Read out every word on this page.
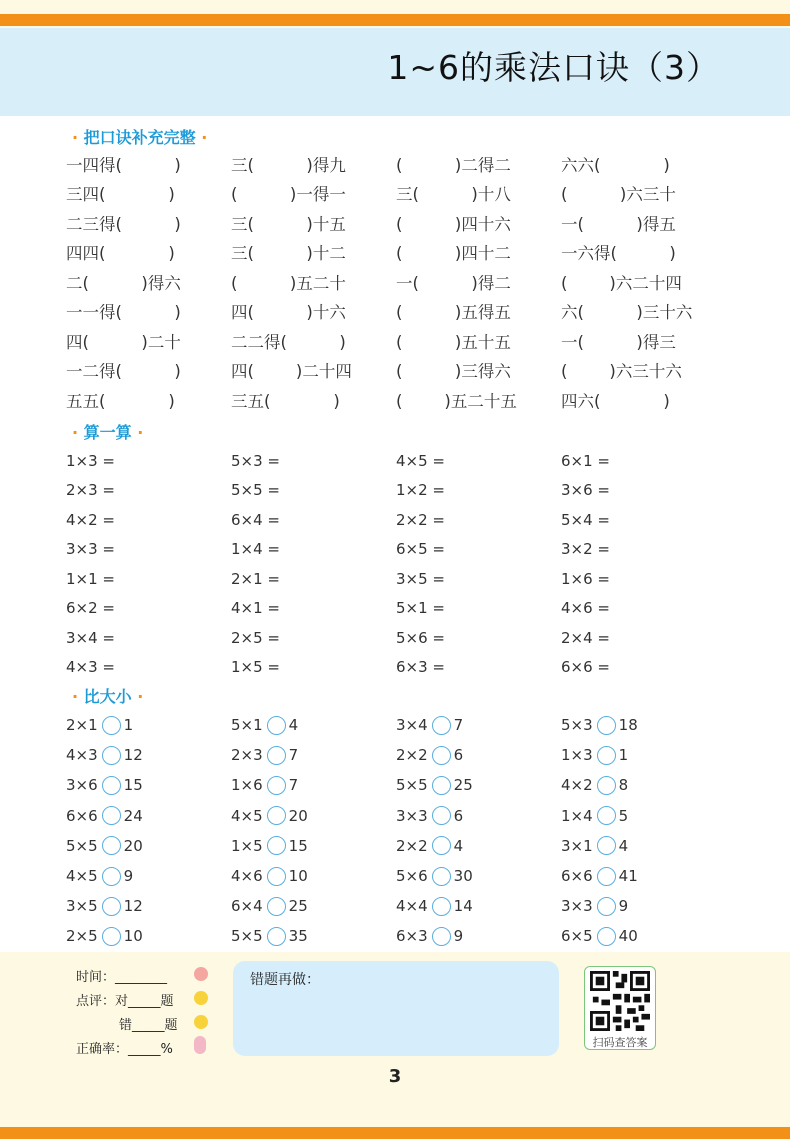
1~6的乘法口诀（3）
· 把口诀补充完整 ·
一四得(          )	三(          )得九	(          )二得二	六六(            )
三四(            )	(          )一得一	三(          )十八	(          )六三十
二三得(          )	三(          )十五	(          )四十六	一(          )得五
四四(            )	三(          )十二	(          )四十二	一六得(          )
二(          )得六	(          )五二十	一(          )得二	(        )六二十四
一一得(          )	四(          )十六	(          )五得五	六(          )三十六
四(          )二十	二二得(          )	(          )五十五	一(          )得三
一二得(          )	四(        )二十四	(          )三得六	(        )六三十六
五五(            )	三五(            )	(        )五二十五	四六(            )
· 算一算 ·
1×3 =	5×3 =	4×5 =	6×1 =
2×3 =	5×5 =	1×2 =	3×6 =
4×2 =	6×4 =	2×2 =	5×4 =
3×3 =	1×4 =	6×5 =	3×2 =
1×1 =	2×1 =	3×5 =	1×6 =
6×2 =	4×1 =	5×1 =	4×6 =
3×4 =	2×5 =	5×6 =	2×4 =
4×3 =	1×5 =	6×3 =	6×6 =
· 比大小 ·
2×1 1	5×1 4	3×4 7	5×3 18
4×3 12	2×3 7	2×2 6	1×3 1
3×6 15	1×6 7	5×5 25	4×2 8
6×6 24	4×5 20	3×3 6	1×4 5
5×5 20	1×5 15	2×2 4	3×1 4
4×5 9	4×6 10	5×6 30	6×6 41
3×5 12	6×4 25	4×4 14	3×3 9
2×5 10	5×5 35	6×3 9	6×5 40
时间：________
点评：对_____题
错_____题
正确率：_____%
错题再做：
扫码查答案
3
